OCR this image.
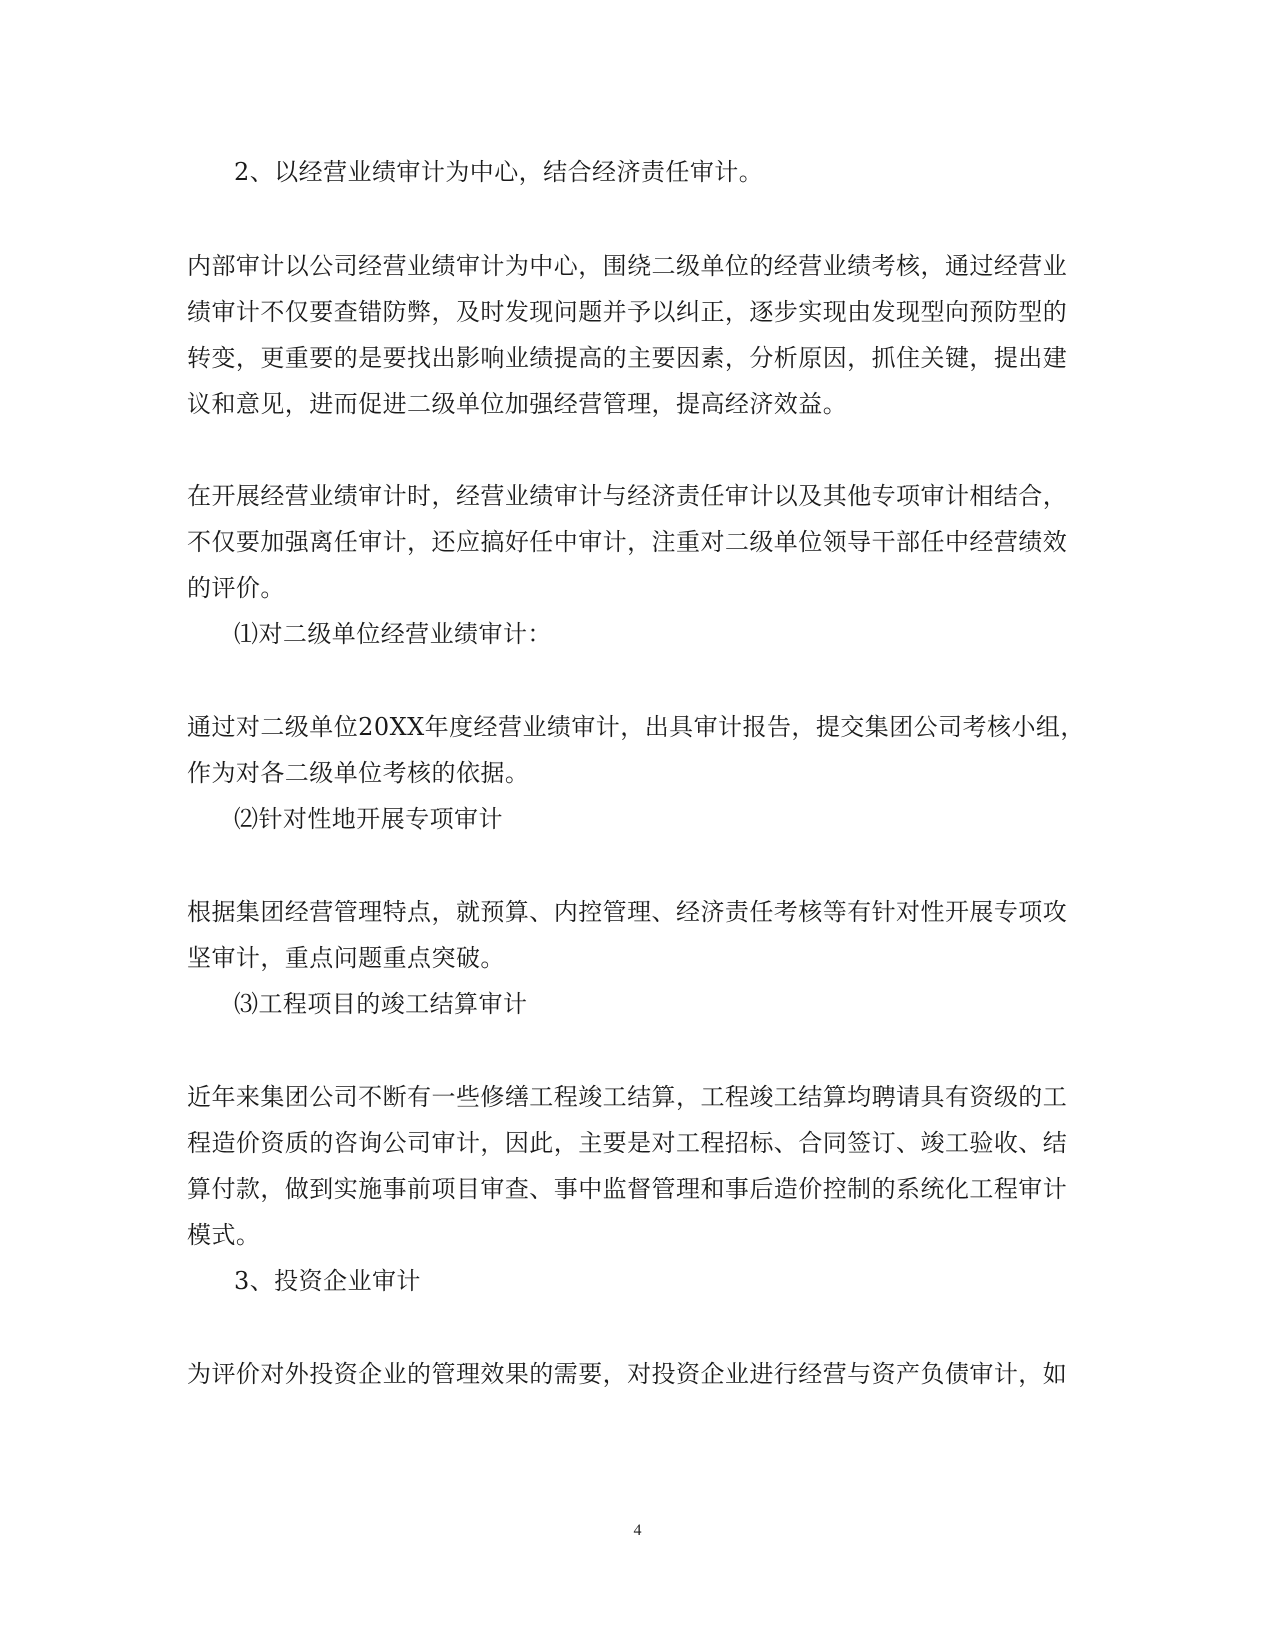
2、以经营业绩审计为中心，结合经济责任审计。
内部审计以公司经营业绩审计为中心，围绕二级单位的经营业绩考核，通过经营业
绩审计不仅要查错防弊，及时发现问题并予以纠正，逐步实现由发现型向预防型的
转变，更重要的是要找出影响业绩提高的主要因素，分析原因，抓住关键，提出建
议和意见，进而促进二级单位加强经营管理，提高经济效益。
在开展经营业绩审计时，经营业绩审计与经济责任审计以及其他专项审计相结合，
不仅要加强离任审计，还应搞好任中审计，注重对二级单位领导干部任中经营绩效
的评价。
⑴对二级单位经营业绩审计：
通过对二级单位20XX年度经营业绩审计，出具审计报告，提交集团公司考核小组，
作为对各二级单位考核的依据。
⑵针对性地开展专项审计
根据集团经营管理特点，就预算、内控管理、经济责任考核等有针对性开展专项攻
坚审计，重点问题重点突破。
⑶工程项目的竣工结算审计
近年来集团公司不断有一些修缮工程竣工结算，工程竣工结算均聘请具有资级的工
程造价资质的咨询公司审计，因此，主要是对工程招标、合同签订、竣工验收、结
算付款，做到实施事前项目审查、事中监督管理和事后造价控制的系统化工程审计
模式。
3、投资企业审计
为评价对外投资企业的管理效果的需要，对投资企业进行经营与资产负债审计，如
4
